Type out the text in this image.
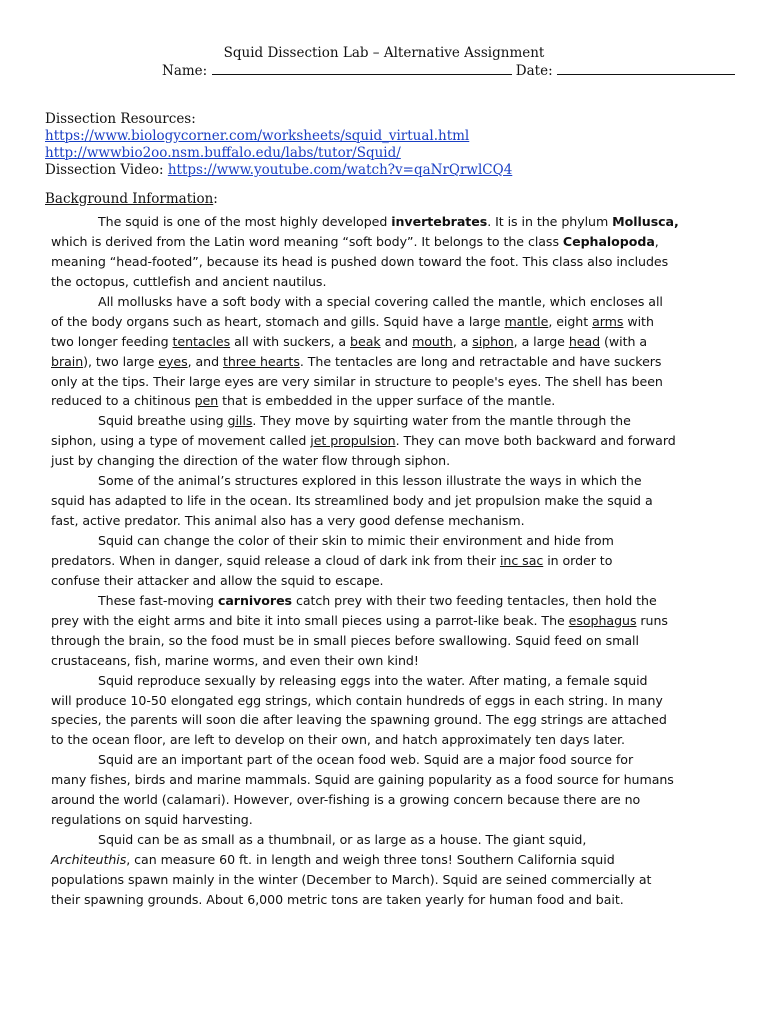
Squid Dissection Lab – Alternative Assignment
Name:	Date:
Dissection Resources:
https://www.biologycorner.com/worksheets/squid_virtual.html
http://wwwbio2oo.nsm.buffalo.edu/labs/tutor/Squid/
Dissection Video: https://www.youtube.com/watch?v=qaNrQrwlCQ4
Background Information:
The squid is one of the most highly developed invertebrates. It is in the phylum Mollusca,
which is derived from the Latin word meaning “soft body”. It belongs to the class Cephalopoda,
meaning “head-footed”, because its head is pushed down toward the foot. This class also includes
the octopus, cuttlefish and ancient nautilus.
All mollusks have a soft body with a special covering called the mantle, which encloses all
of the body organs such as heart, stomach and gills. Squid have a large mantle, eight arms with
two longer feeding tentacles all with suckers, a beak and mouth, a siphon, a large head (with a
brain), two large eyes, and three hearts. The tentacles are long and retractable and have suckers
only at the tips. Their large eyes are very similar in structure to people's eyes. The shell has been
reduced to a chitinous pen that is embedded in the upper surface of the mantle.
Squid breathe using gills. They move by squirting water from the mantle through the
siphon, using a type of movement called jet propulsion. They can move both backward and forward
just by changing the direction of the water flow through siphon.
Some of the animal’s structures explored in this lesson illustrate the ways in which the
squid has adapted to life in the ocean. Its streamlined body and jet propulsion make the squid a
fast, active predator. This animal also has a very good defense mechanism.
Squid can change the color of their skin to mimic their environment and hide from
predators. When in danger, squid release a cloud of dark ink from their inc sac in order to
confuse their attacker and allow the squid to escape.
These fast-moving carnivores catch prey with their two feeding tentacles, then hold the
prey with the eight arms and bite it into small pieces using a parrot-like beak. The esophagus runs
through the brain, so the food must be in small pieces before swallowing. Squid feed on small
crustaceans, fish, marine worms, and even their own kind!
Squid reproduce sexually by releasing eggs into the water. After mating, a female squid
will produce 10-50 elongated egg strings, which contain hundreds of eggs in each string. In many
species, the parents will soon die after leaving the spawning ground. The egg strings are attached
to the ocean floor, are left to develop on their own, and hatch approximately ten days later.
Squid are an important part of the ocean food web. Squid are a major food source for
many fishes, birds and marine mammals. Squid are gaining popularity as a food source for humans
around the world (calamari). However, over-fishing is a growing concern because there are no
regulations on squid harvesting.
Squid can be as small as a thumbnail, or as large as a house. The giant squid,
Architeuthis, can measure 60 ft. in length and weigh three tons! Southern California squid
populations spawn mainly in the winter (December to March). Squid are seined commercially at
their spawning grounds. About 6,000 metric tons are taken yearly for human food and bait.
